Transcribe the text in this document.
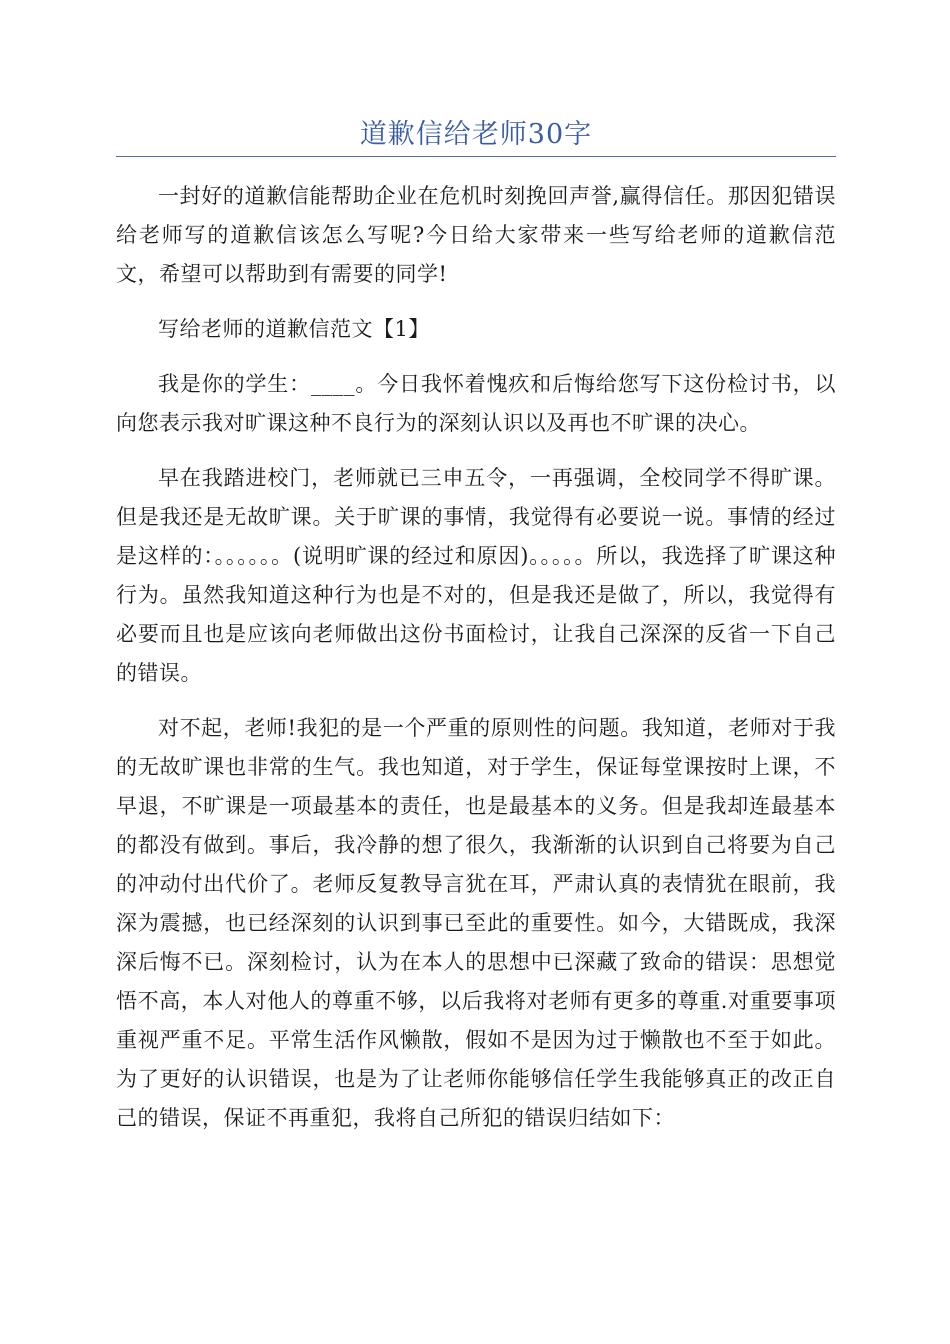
道歉信给老师30字

一封好的道歉信能帮助企业在危机时刻挽回声誉,赢得信任。那因犯错误给老师写的道歉信该怎么写呢?今日给大家带来一些写给老师的道歉信范文，希望可以帮助到有需要的同学!

写给老师的道歉信范文【1】

我是你的学生：____。今日我怀着愧疚和后悔给您写下这份检讨书，以向您表示我对旷课这种不良行为的深刻认识以及再也不旷课的决心。

早在我踏进校门，老师就已三申五令，一再强调，全校同学不得旷课。但是我还是无故旷课。关于旷课的事情，我觉得有必要说一说。事情的经过是这样的：。。。。。。(说明旷课的经过和原因)。。。。。所以，我选择了旷课这种行为。虽然我知道这种行为也是不对的，但是我还是做了，所以，我觉得有必要而且也是应该向老师做出这份书面检讨，让我自己深深的反省一下自己的错误。

对不起，老师!我犯的是一个严重的原则性的问题。我知道，老师对于我的无故旷课也非常的生气。我也知道，对于学生，保证每堂课按时上课，不早退，不旷课是一项最基本的责任，也是最基本的义务。但是我却连最基本的都没有做到。事后，我冷静的想了很久，我渐渐的认识到自己将要为自己的冲动付出代价了。老师反复教导言犹在耳，严肃认真的表情犹在眼前，我深为震撼，也已经深刻的认识到事已至此的重要性。如今，大错既成，我深深后悔不已。深刻检讨，认为在本人的思想中已深藏了致命的错误：思想觉悟不高，本人对他人的尊重不够，以后我将对老师有更多的尊重.对重要事项重视严重不足。平常生活作风懒散，假如不是因为过于懒散也不至于如此。为了更好的认识错误，也是为了让老师你能够信任学生我能够真正的改正自己的错误，保证不再重犯，我将自己所犯的错误归结如下：
